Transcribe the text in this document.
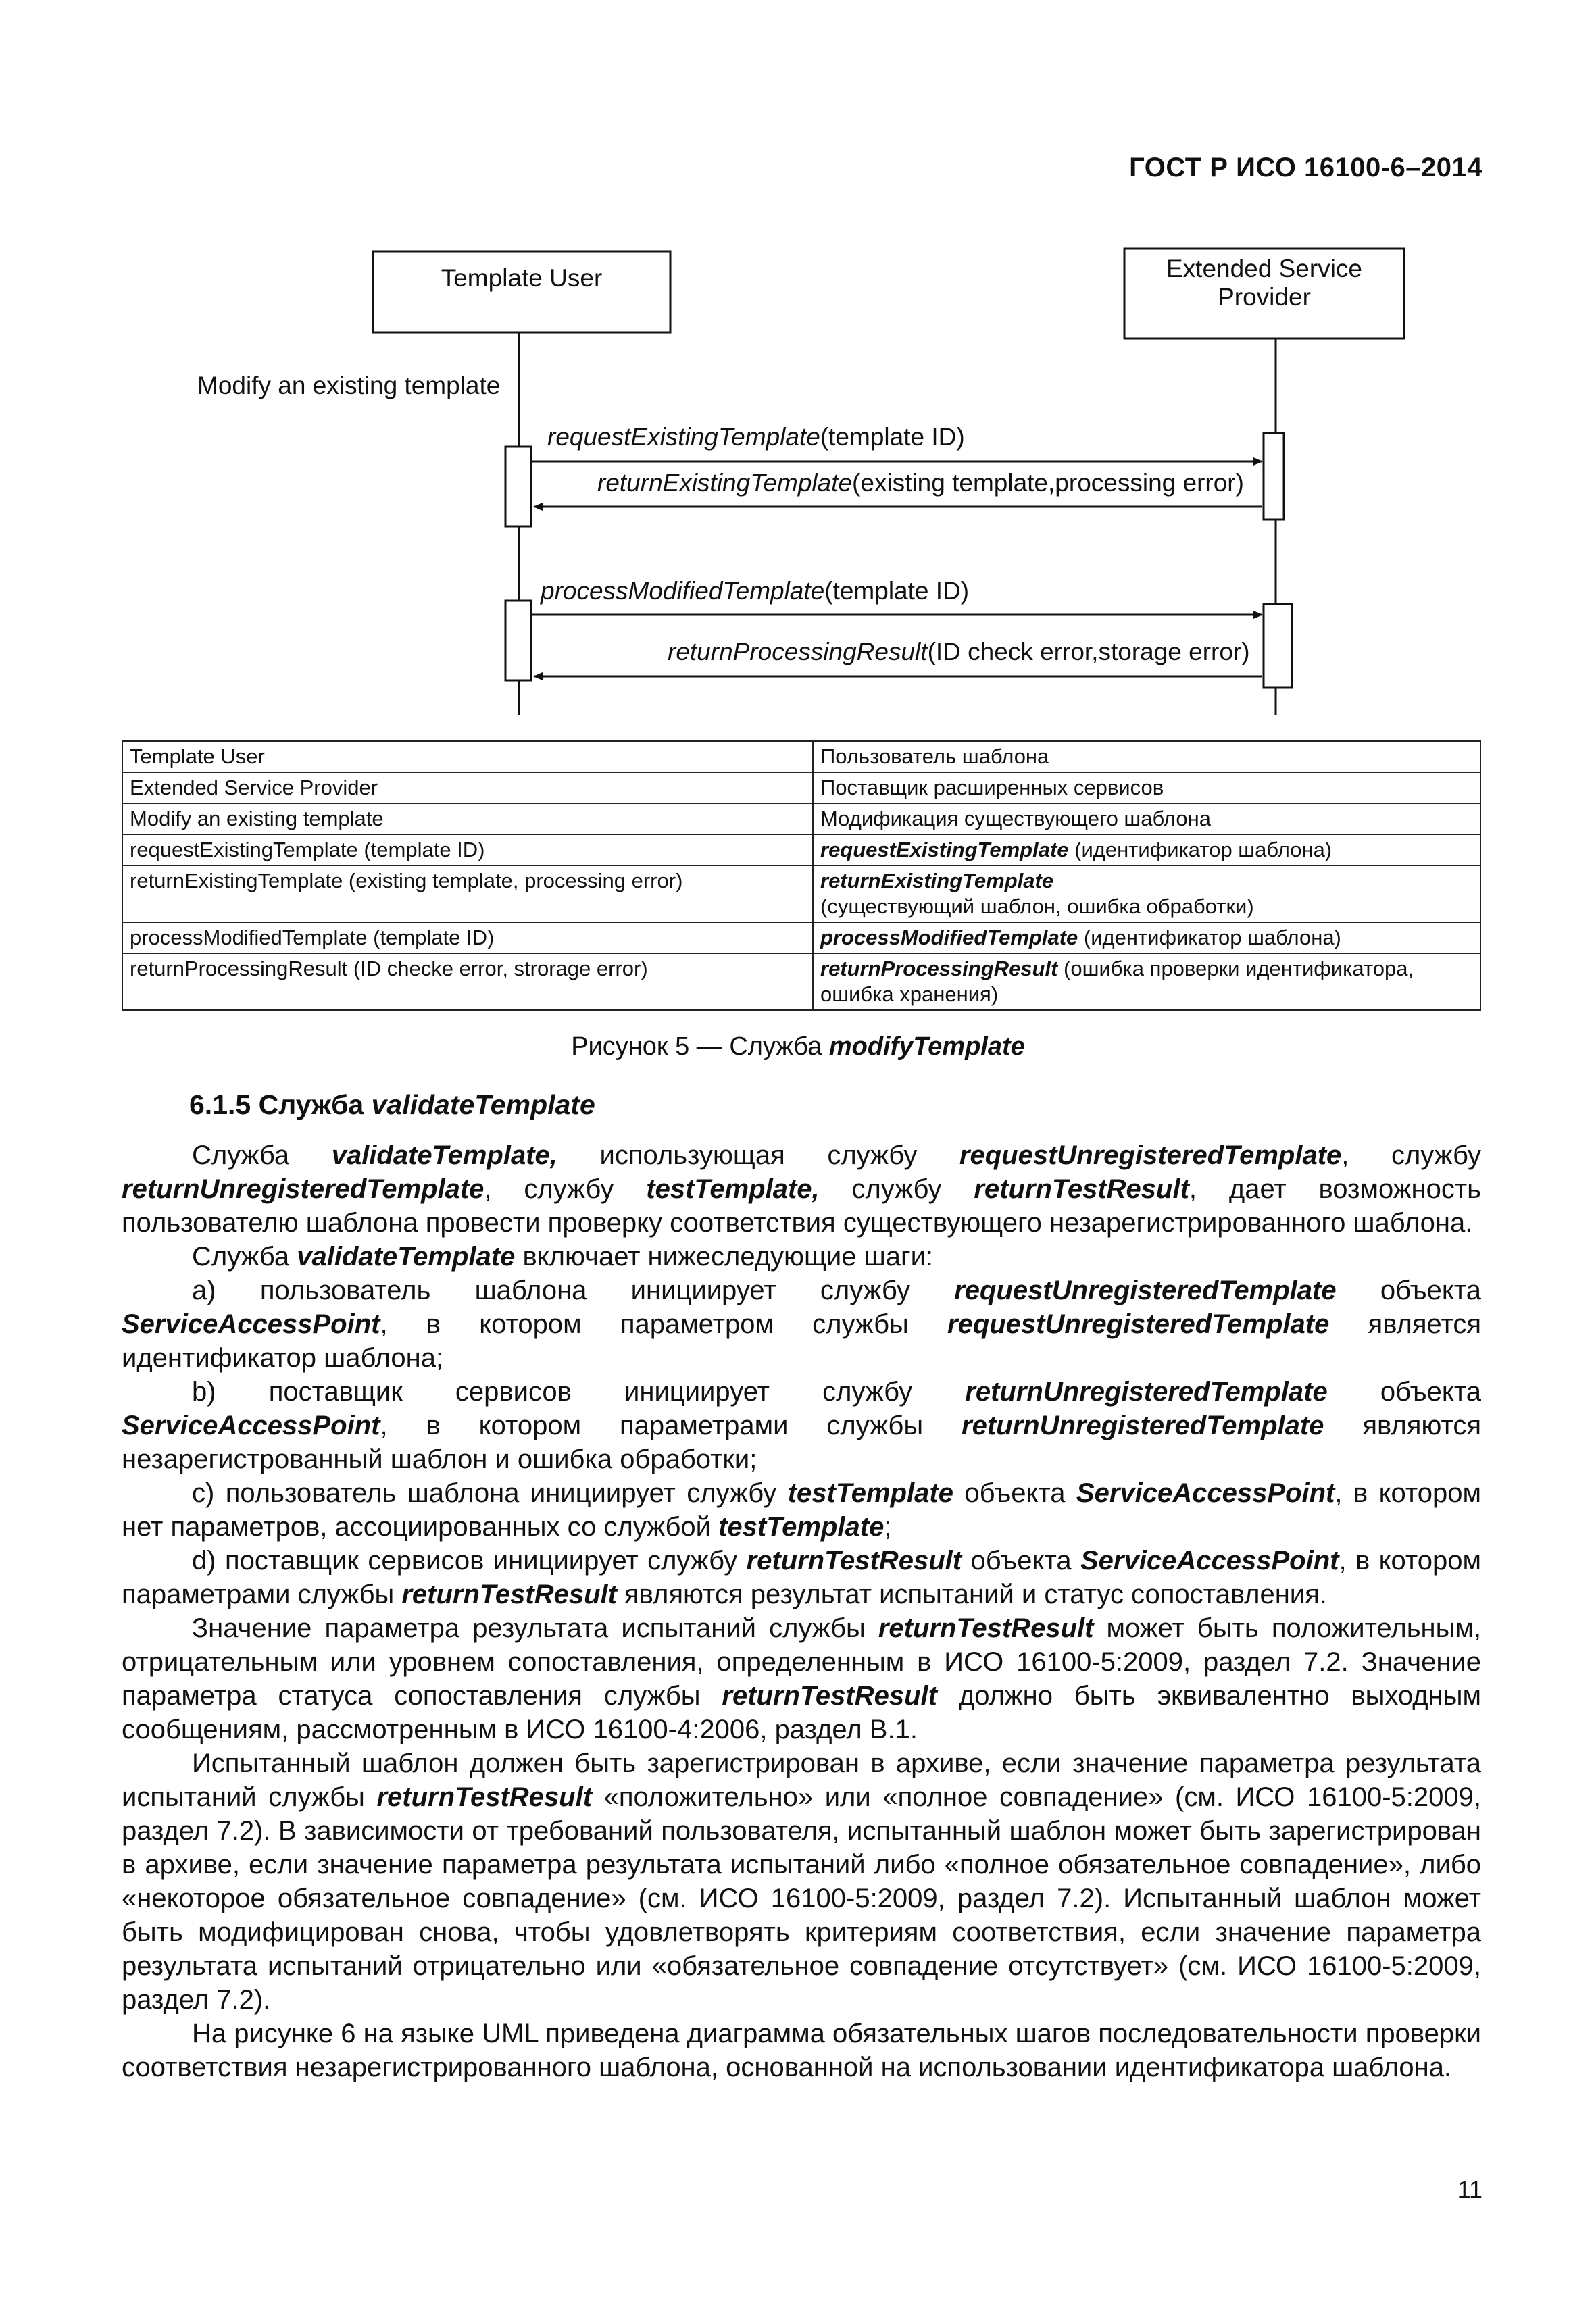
ГОСТ Р ИСО 16100-6–2014
Template User	Extended Service
Provider
Modify an existing template
requestExistingTemplate(template ID)
returnExistingTemplate(existing template,processing error)
processModifiedTemplate(template ID)
returnProcessingResult(ID check error,storage error)
Template User	Пользователь шаблона
Extended Service Provider	Поставщик расширенных сервисов
Modify an existing template	Модификация существующего шаблона
requestExistingTemplate (template ID)	requestExistingTemplate (идентификатор шаблона)
returnExistingTemplate (existing template, processing error)	returnExistingTemplate
(существующий шаблон, ошибка обработки)
processModifiedTemplate (template ID)	processModifiedTemplate (идентификатор шаблона)
returnProcessingResult (ID checke error, strorage error)	returnProcessingResult (ошибка проверки идентификатора, ошибка хранения)
Рисунок 5 — Служба modifyTemplate
6.1.5 Служба validateTemplate

Служба validateTemplate, использующая службу requestUnregisteredTemplate, службу returnUnregisteredTemplate, службу testTemplate, службу returnTestResult, дает возможность пользователю шаблона провести проверку соответствия существующего незарегистрированного шаблона.

Служба validateTemplate включает нижеследующие шаги:

а) пользователь шаблона инициирует службу requestUnregisteredTemplate объекта ServiceAccessPoint, в котором параметром службы requestUnregisteredTemplate является идентификатор шаблона;

b) поставщик сервисов инициирует службу returnUnregisteredTemplate объекта ServiceAccessPoint, в котором параметрами службы returnUnregisteredTemplate являются незарегистрованный шаблон и ошибка обработки;

c) пользователь шаблона инициирует службу testTemplate объекта ServiceAccessPoint, в котором нет параметров, ассоциированных со службой testTemplate;

d) поставщик сервисов инициирует службу returnTestResult объекта ServiceAccessPoint, в котором параметрами службы returnTestResult являются результат испытаний и статус сопоставления.

Значение параметра результата испытаний службы returnTestResult может быть положительным, отрицательным или уровнем сопоставления, определенным в ИСО 16100-5:2009, раздел 7.2. Значение параметра статуса сопоставления службы returnTestResult должно быть эквивалентно выходным сообщениям, рассмотренным в ИСО 16100-4:2006, раздел В.1.

Испытанный шаблон должен быть зарегистрирован в архиве, если значение параметра результата испытаний службы returnTestResult «положительно» или «полное совпадение» (см. ИСО 16100-5:2009, раздел 7.2). В зависимости от требований пользователя, испытанный шаблон может быть зарегистрирован в архиве, если значение параметра результата испытаний либо «полное обязательное совпадение», либо «некоторое обязательное совпадение» (см. ИСО 16100-5:2009, раздел 7.2). Испытанный шаблон может быть модифицирован снова, чтобы удовлетворять критериям соответствия, если значение параметра результата испытаний отрицательно или «обязательное совпадение отсутствует» (см. ИСО 16100-5:2009, раздел 7.2).

На рисунке 6 на языке UML приведена диаграмма обязательных шагов последовательности проверки соответствия незарегистрированного шаблона, основанной на использовании идентификатора шаблона.

11
